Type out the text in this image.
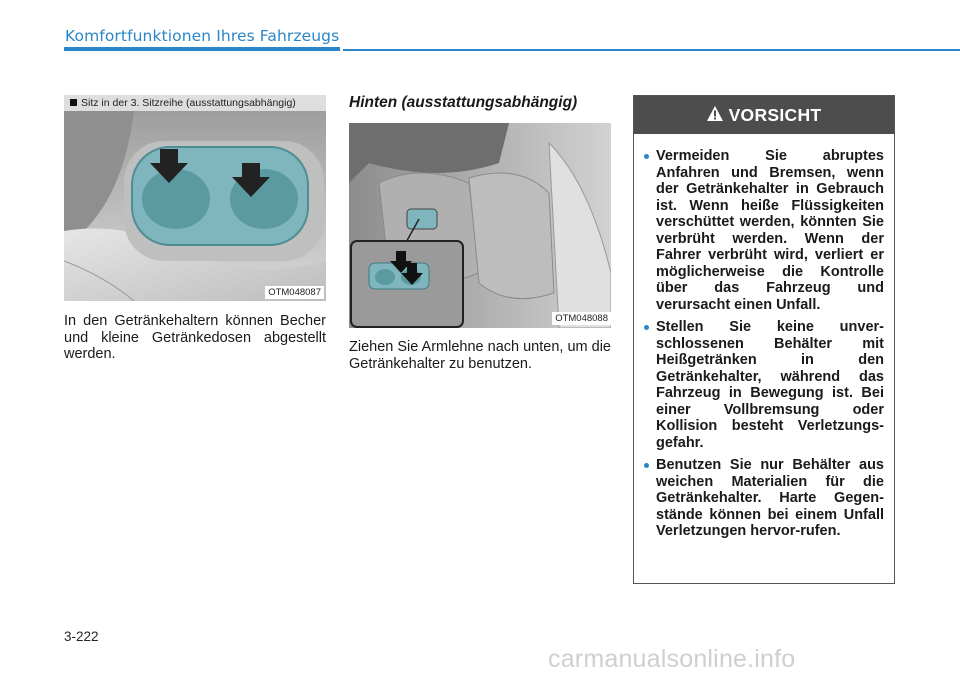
Komfortfunktionen Ihres Fahrzeugs
Sitz in der 3. Sitzreihe (ausstattungsabhängig)
OTM048087
In den Getränkehaltern können Becher und kleine Getränkedosen abgestellt werden.
Hinten (ausstattungsabhängig)
OTM048088
Ziehen Sie Armlehne nach unten, um die Getränkehalter zu benutzen.
VORSICHT
Vermeiden Sie abruptes Anfahren und Bremsen, wenn der Getränkehalter in Gebrauch ist. Wenn heiße Flüssigkeiten verschüttet werden, könnten Sie verbrüht werden. Wenn der Fahrer verbrüht wird, verliert er möglicherweise die Kontrolle über das Fahrzeug und verursacht einen Unfall.
Stellen Sie keine unver-schlossenen Behälter mit Heißgetränken in den Getränkehalter, während das Fahrzeug in Bewegung ist. Bei einer Vollbremsung oder Kollision besteht Verletzungs-gefahr.
Benutzen Sie nur Behälter aus weichen Materialien für die Getränkehalter. Harte Gegen-stände können bei einem Unfall Verletzungen hervor-rufen.
3-222
carmanualsonline.info
